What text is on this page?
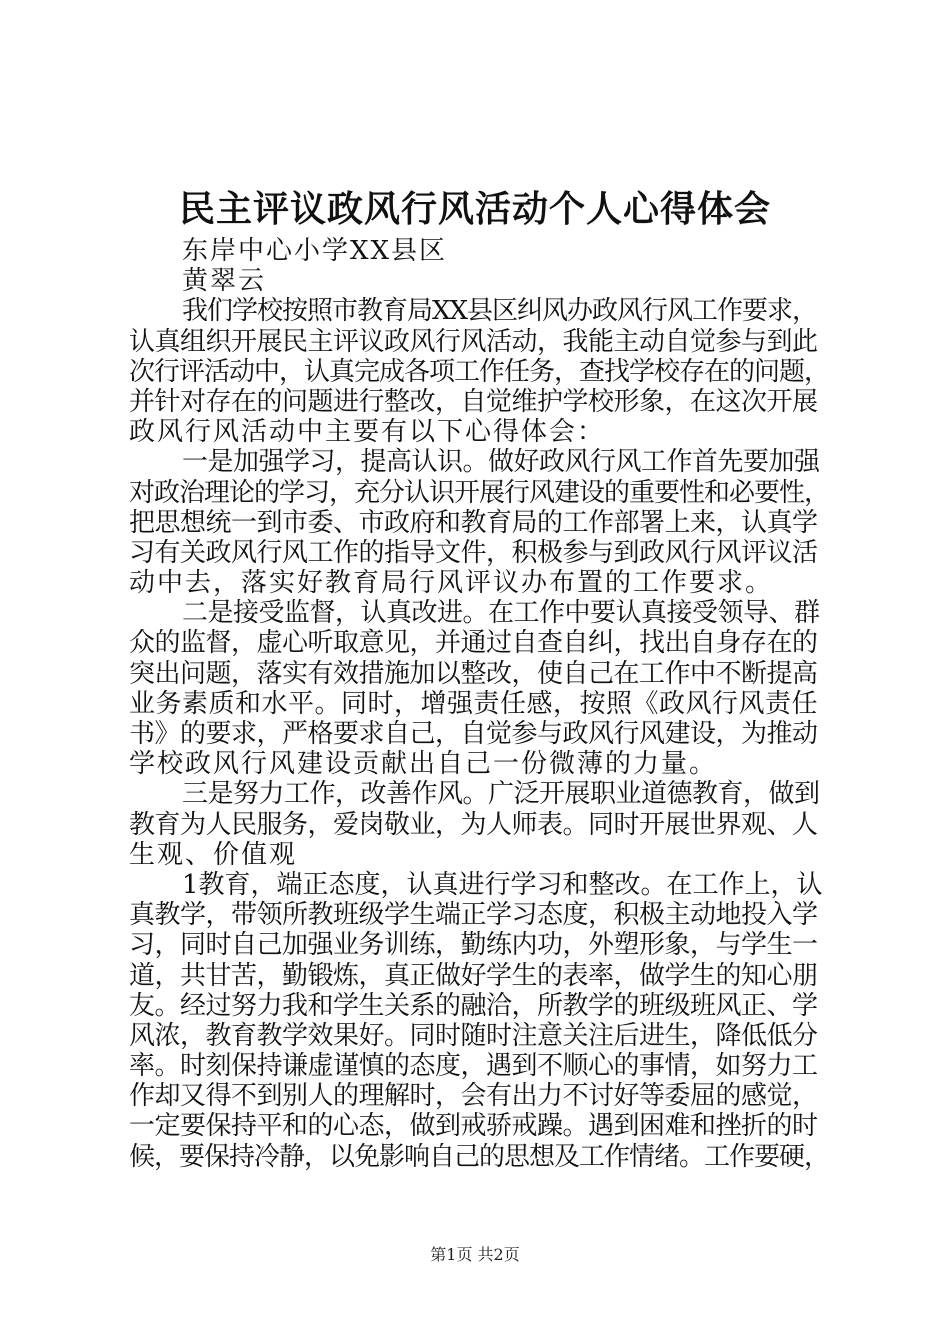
民主评议政风行风活动个人心得体会
东岸中心小学XX县区
黄翠云
我们学校按照市教育局XX县区纠风办政风行风工作要求，
认真组织开展民主评议政风行风活动，我能主动自觉参与到此
次行评活动中，认真完成各项工作任务，查找学校存在的问题，
并针对存在的问题进行整改，自觉维护学校形象，在这次开展
政风行风活动中主要有以下心得体会：
一是加强学习，提高认识。做好政风行风工作首先要加强
对政治理论的学习，充分认识开展行风建设的重要性和必要性，
把思想统一到市委、市政府和教育局的工作部署上来，认真学
习有关政风行风工作的指导文件，积极参与到政风行风评议活
动中去，落实好教育局行风评议办布置的工作要求。
二是接受监督，认真改进。在工作中要认真接受领导、群
众的监督，虚心听取意见，并通过自查自纠，找出自身存在的
突出问题，落实有效措施加以整改，使自己在工作中不断提高
业务素质和水平。同时，增强责任感，按照《政风行风责任
书》的要求，严格要求自己，自觉参与政风行风建设，为推动
学校政风行风建设贡献出自己一份微薄的力量。
三是努力工作，改善作风。广泛开展职业道德教育，做到
教育为人民服务，爱岗敬业，为人师表。同时开展世界观、人
生观、价值观
1教育，端正态度，认真进行学习和整改。在工作上，认
真教学，带领所教班级学生端正学习态度，积极主动地投入学
习，同时自己加强业务训练，勤练内功，外塑形象，与学生一
道，共甘苦，勤锻炼，真正做好学生的表率，做学生的知心朋
友。经过努力我和学生关系的融洽，所教学的班级班风正、学
风浓，教育教学效果好。同时随时注意关注后进生，降低低分
率。时刻保持谦虚谨慎的态度，遇到不顺心的事情，如努力工
作却又得不到别人的理解时，会有出力不讨好等委屈的感觉，
一定要保持平和的心态，做到戒骄戒躁。遇到困难和挫折的时
候，要保持冷静，以免影响自己的思想及工作情绪。工作要硬，
第1页 共2页
